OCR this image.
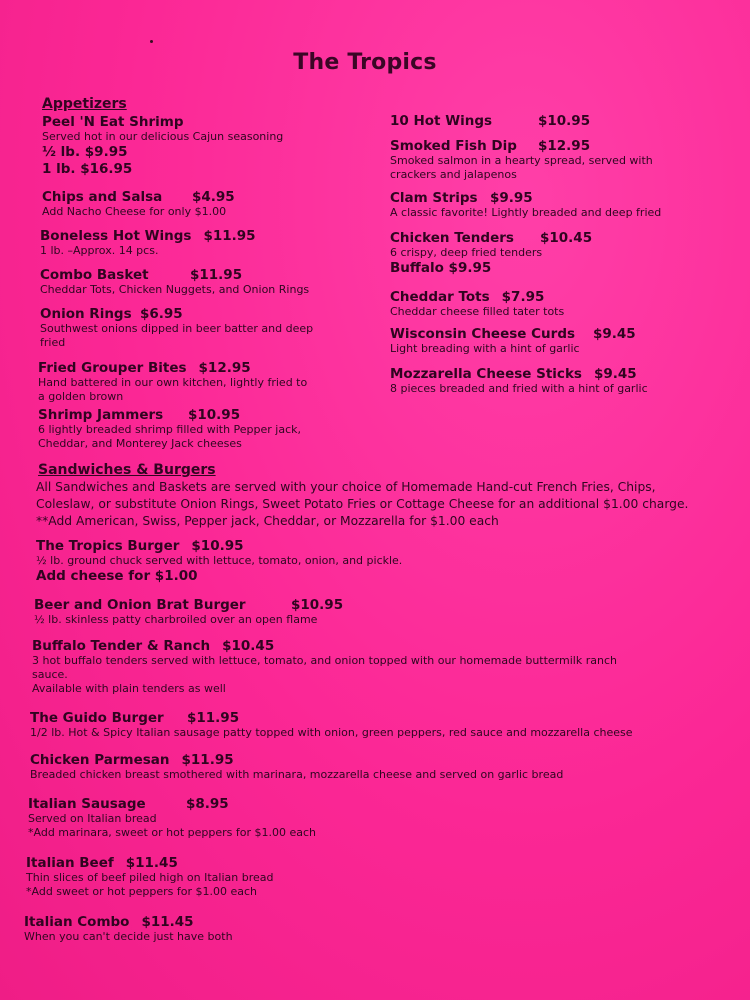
The Tropics
Appetizers
Sandwiches & Burgers
All Sandwiches and Baskets are served with your choice of Homemade Hand-cut French Fries, Chips, Coleslaw, or substitute Onion Rings, Sweet Potato Fries or Cottage Cheese for an additional $1.00 charge. **Add American, Swiss, Pepper jack, Cheddar, or Mozzarella for $1.00 each
Peel 'N Eat Shrimp
Served hot in our delicious Cajun seasoning
½ lb. $9.95
1 lb. $16.95
Chips and Salsa $4.95
Add Nacho Cheese for only $1.00
Boneless Hot Wings $11.95
1 lb. –Approx. 14 pcs.
Combo Basket	$11.95
Cheddar Tots, Chicken Nuggets, and Onion Rings
Onion Rings $6.95
Southwest onions dipped in beer batter and deep
fried
Fried Grouper Bites $12.95
Hand battered in our own kitchen, lightly fried to
a golden brown
Shrimp Jammers $10.95
6 lightly breaded shrimp filled with Pepper jack,
Cheddar, and Monterey Jack cheeses
10 Hot Wings	$10.95
Smoked Fish Dip $12.95
Smoked salmon in a hearty spread, served with
crackers and jalapenos
Clam Strips $9.95
A classic favorite! Lightly breaded and deep fried
Chicken Tenders $10.45
6 crispy, deep fried tenders
Buffalo $9.95
Cheddar Tots $7.95
Cheddar cheese filled tater tots
Wisconsin Cheese Curds $9.45
Light breading with a hint of garlic
Mozzarella Cheese Sticks $9.45
8 pieces breaded and fried with a hint of garlic
The Tropics Burger $10.95
½ lb. ground chuck served with lettuce, tomato, onion, and pickle.
Add cheese for $1.00
Beer and Onion Brat Burger	$10.95
½ lb. skinless patty charbroiled over an open flame
Buffalo Tender & Ranch $10.45
3 hot buffalo tenders served with lettuce, tomato, and onion topped with our homemade buttermilk ranch
sauce.
Available with plain tenders as well
The Guido Burger $11.95
1/2 lb. Hot & Spicy Italian sausage patty topped with onion, green peppers, red sauce and mozzarella cheese
Chicken Parmesan $11.95
Breaded chicken breast smothered with marinara, mozzarella cheese and served on garlic bread
Italian Sausage	$8.95
Served on Italian bread
*Add marinara, sweet or hot peppers for $1.00 each
Italian Beef $11.45
Thin slices of beef piled high on Italian bread
*Add sweet or hot peppers for $1.00 each
Italian Combo $11.45
When you can't decide just have both
